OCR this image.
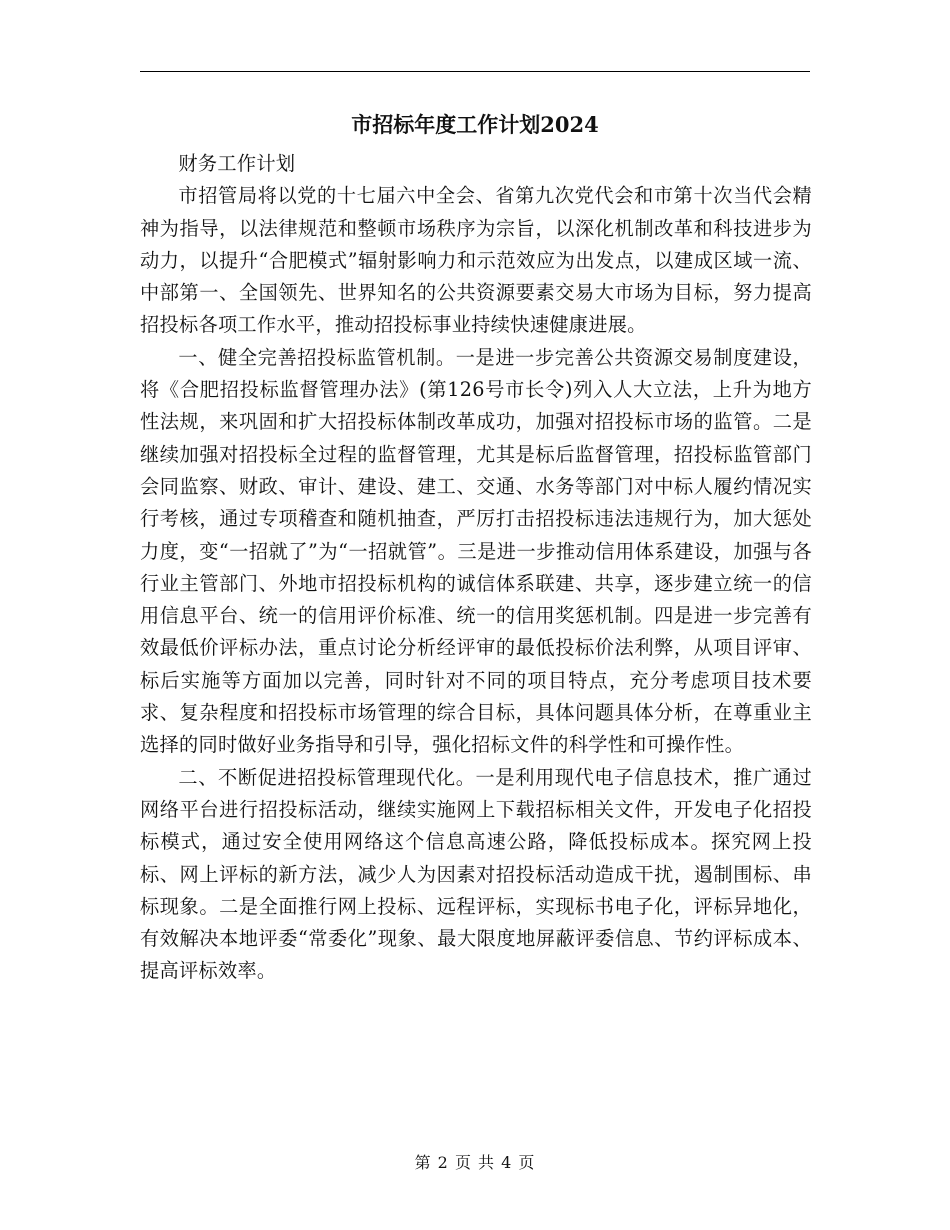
市招标年度工作计划2024

财务工作计划

市招管局将以党的十七届六中全会、省第九次党代会和市第十次当代会精神为指导，以法律规范和整顿市场秩序为宗旨，以深化机制改革和科技进步为动力，以提升“合肥模式”辐射影响力和示范效应为出发点，以建成区域一流、中部第一、全国领先、世界知名的公共资源要素交易大市场为目标，努力提高招投标各项工作水平，推动招投标事业持续快速健康进展。

一、健全完善招投标监管机制。一是进一步完善公共资源交易制度建设，将《合肥招投标监督管理办法》(第126号市长令)列入人大立法，上升为地方性法规，来巩固和扩大招投标体制改革成功，加强对招投标市场的监管。二是继续加强对招投标全过程的监督管理，尤其是标后监督管理，招投标监管部门会同监察、财政、审计、建设、建工、交通、水务等部门对中标人履约情况实行考核，通过专项稽查和随机抽查，严厉打击招投标违法违规行为，加大惩处力度，变“一招就了”为“一招就管”。三是进一步推动信用体系建设，加强与各行业主管部门、外地市招投标机构的诚信体系联建、共享，逐步建立统一的信用信息平台、统一的信用评价标准、统一的信用奖惩机制。四是进一步完善有效最低价评标办法，重点讨论分析经评审的最低投标价法利弊，从项目评审、标后实施等方面加以完善，同时针对不同的项目特点，充分考虑项目技术要求、复杂程度和招投标市场管理的综合目标，具体问题具体分析，在尊重业主选择的同时做好业务指导和引导，强化招标文件的科学性和可操作性。

二、不断促进招投标管理现代化。一是利用现代电子信息技术，推广通过网络平台进行招投标活动，继续实施网上下载招标相关文件，开发电子化招投标模式，通过安全使用网络这个信息高速公路，降低投标成本。探究网上投标、网上评标的新方法，减少人为因素对招投标活动造成干扰，遏制围标、串标现象。二是全面推行网上投标、远程评标，实现标书电子化，评标异地化，有效解决本地评委“常委化”现象、最大限度地屏蔽评委信息、节约评标成本、提高评标效率。

第 2 页 共 4 页
